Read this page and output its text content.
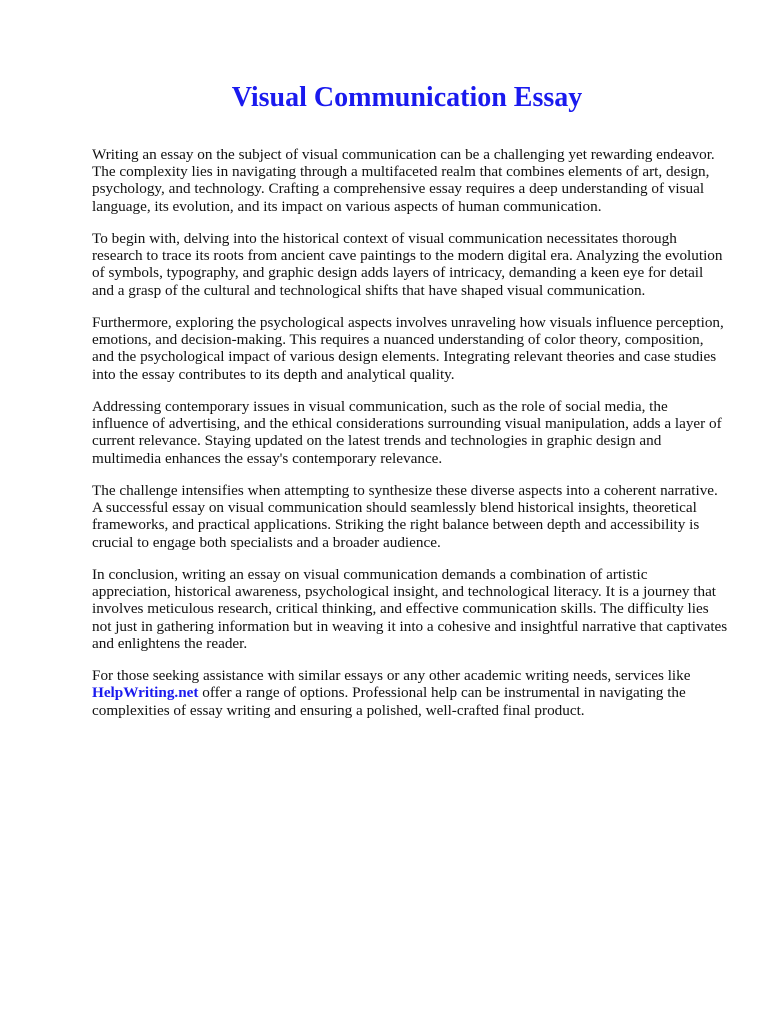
Visual Communication Essay

Writing an essay on the subject of visual communication can be a challenging yet rewarding endeavor. The complexity lies in navigating through a multifaceted realm that combines elements of art, design, psychology, and technology. Crafting a comprehensive essay requires a deep understanding of visual language, its evolution, and its impact on various aspects of human communication.

To begin with, delving into the historical context of visual communication necessitates thorough research to trace its roots from ancient cave paintings to the modern digital era. Analyzing the evolution of symbols, typography, and graphic design adds layers of intricacy, demanding a keen eye for detail and a grasp of the cultural and technological shifts that have shaped visual communication.

Furthermore, exploring the psychological aspects involves unraveling how visuals influence perception, emotions, and decision-making. This requires a nuanced understanding of color theory, composition, and the psychological impact of various design elements. Integrating relevant theories and case studies into the essay contributes to its depth and analytical quality.

Addressing contemporary issues in visual communication, such as the role of social media, the influence of advertising, and the ethical considerations surrounding visual manipulation, adds a layer of current relevance. Staying updated on the latest trends and technologies in graphic design and multimedia enhances the essay's contemporary relevance.

The challenge intensifies when attempting to synthesize these diverse aspects into a coherent narrative. A successful essay on visual communication should seamlessly blend historical insights, theoretical frameworks, and practical applications. Striking the right balance between depth and accessibility is crucial to engage both specialists and a broader audience.

In conclusion, writing an essay on visual communication demands a combination of artistic appreciation, historical awareness, psychological insight, and technological literacy. It is a journey that involves meticulous research, critical thinking, and effective communication skills. The difficulty lies not just in gathering information but in weaving it into a cohesive and insightful narrative that captivates and enlightens the reader.

For those seeking assistance with similar essays or any other academic writing needs, services like HelpWriting.net offer a range of options. Professional help can be instrumental in navigating the complexities of essay writing and ensuring a polished, well-crafted final product.
